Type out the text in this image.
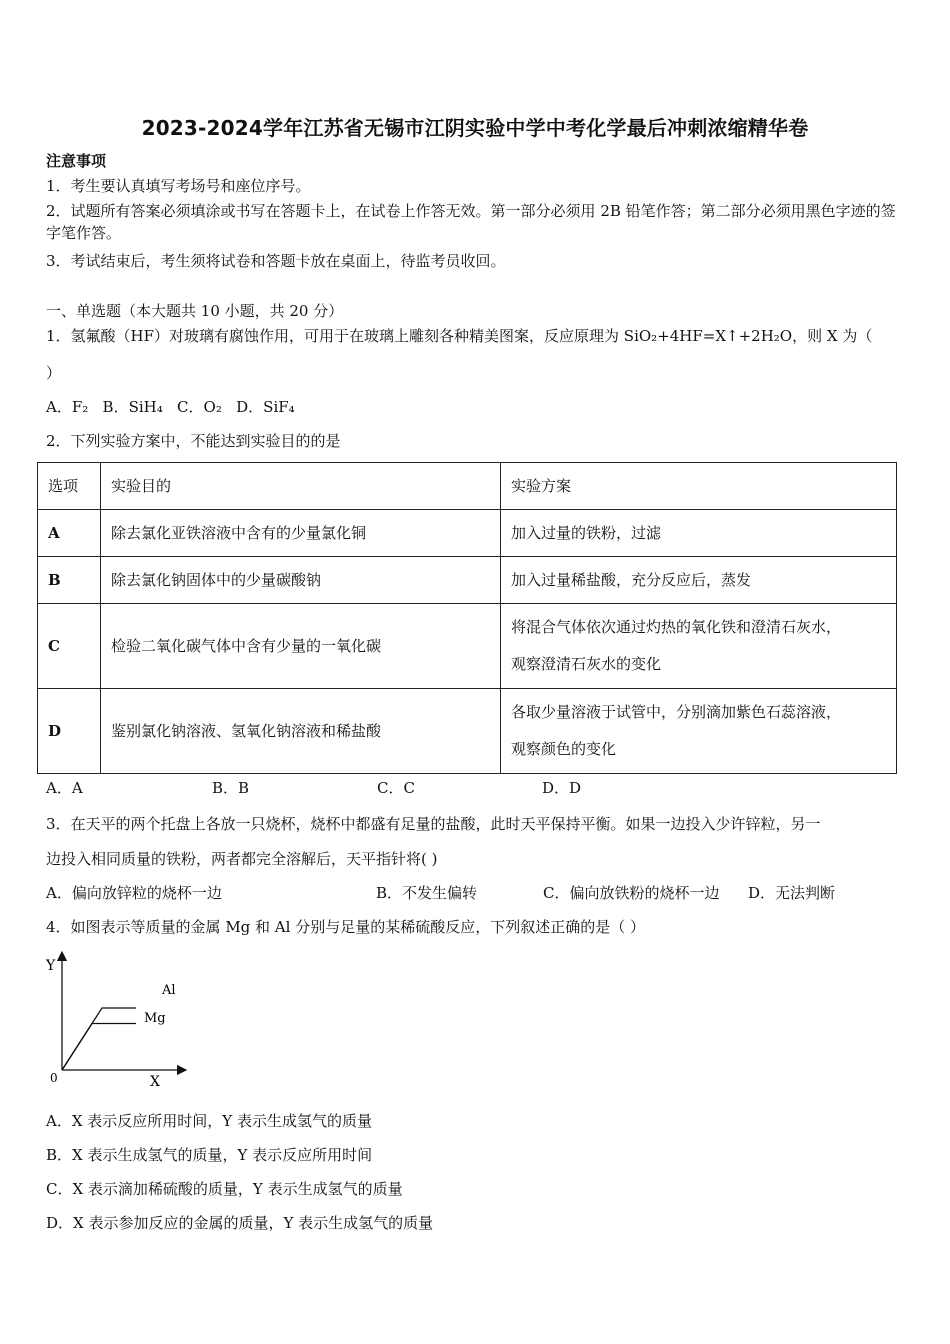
2023-2024学年江苏省无锡市江阴实验中学中考化学最后冲刺浓缩精华卷
注意事项
1．考生要认真填写考场号和座位序号。
2．试题所有答案必须填涂或书写在答题卡上，在试卷上作答无效。第一部分必须用 2B 铅笔作答；第二部分必须用黑色字迹的签字笔作答。
3．考试结束后，考生须将试卷和答题卡放在桌面上，待监考员收回。
一、单选题（本大题共 10 小题，共 20 分）
1．氢氟酸（HF）对玻璃有腐蚀作用，可用于在玻璃上雕刻各种精美图案，反应原理为 SiO₂+4HF=X↑+2H₂O，则 X 为（
）
A．F₂   B．SiH₄   C．O₂   D．SiF₄
2．下列实验方案中，不能达到实验目的的是
选项	实验目的	实验方案
A	除去氯化亚铁溶液中含有的少量氯化铜	加入过量的铁粉，过滤
B	除去氯化钠固体中的少量碳酸钠	加入过量稀盐酸，充分反应后，蒸发
C	检验二氧化碳气体中含有少量的一氧化碳	将混合气体依次通过灼热的氧化铁和澄清石灰水，
观察澄清石灰水的变化

D	鉴别氯化钠溶液、氢氧化钠溶液和稀盐酸	各取少量溶液于试管中，分别滴加紫色石蕊溶液，
观察颜色的变化
A．A	B．B	C．C	D．D
3．在天平的两个托盘上各放一只烧杯，烧杯中都盛有足量的盐酸，此时天平保持平衡。如果一边投入少许锌粒，另一
边投入相同质量的铁粉，两者都完全溶解后，天平指针将( )
A．偏向放锌粒的烧杯一边	B．不发生偏转	C．偏向放铁粉的烧杯一边 D．无法判断
4．如图表示等质量的金属 Mg 和 Al 分别与足量的某稀硫酸反应，下列叙述正确的是（ ）
Y
X
0
Al
Mg
A．X 表示反应所用时间，Y 表示生成氢气的质量
B．X 表示生成氢气的质量，Y 表示反应所用时间
C．X 表示滴加稀硫酸的质量，Y 表示生成氢气的质量
D．X 表示参加反应的金属的质量，Y 表示生成氢气的质量
